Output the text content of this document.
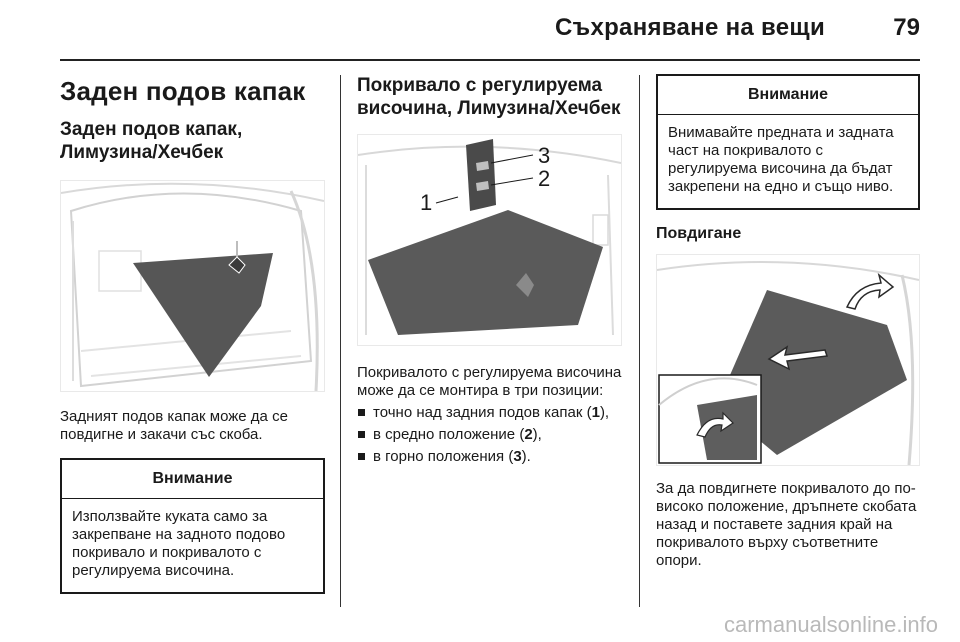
Съхраняване на вещи	79
Заден подов капак
Заден подов капак, Лимузина/Хечбек

Задният подов капак може да се повдигне и закачи със скоба.

Внимание
Използвайте куката само за закрепване на задното подово покривало и покривалото с регулируема височина.
Покривало с регулируема височина, Лимузина/Хечбек
1
2
3

Покривалото с регулируема височина може да се монтира в три позиции:

точно над задния подов капак (1),
в средно положение (2),
в горно положения (3).
Внимание
Внимавайте предната и задната част на покривалото с регулируема височина да бъдат закрепени на едно и също ниво.
Повдигане

За да повдигнете покривалото до по-високо положение, дръпнете скобата назад и поставете задния край на покривалото върху съответните опори.

carmanualsonline.info
